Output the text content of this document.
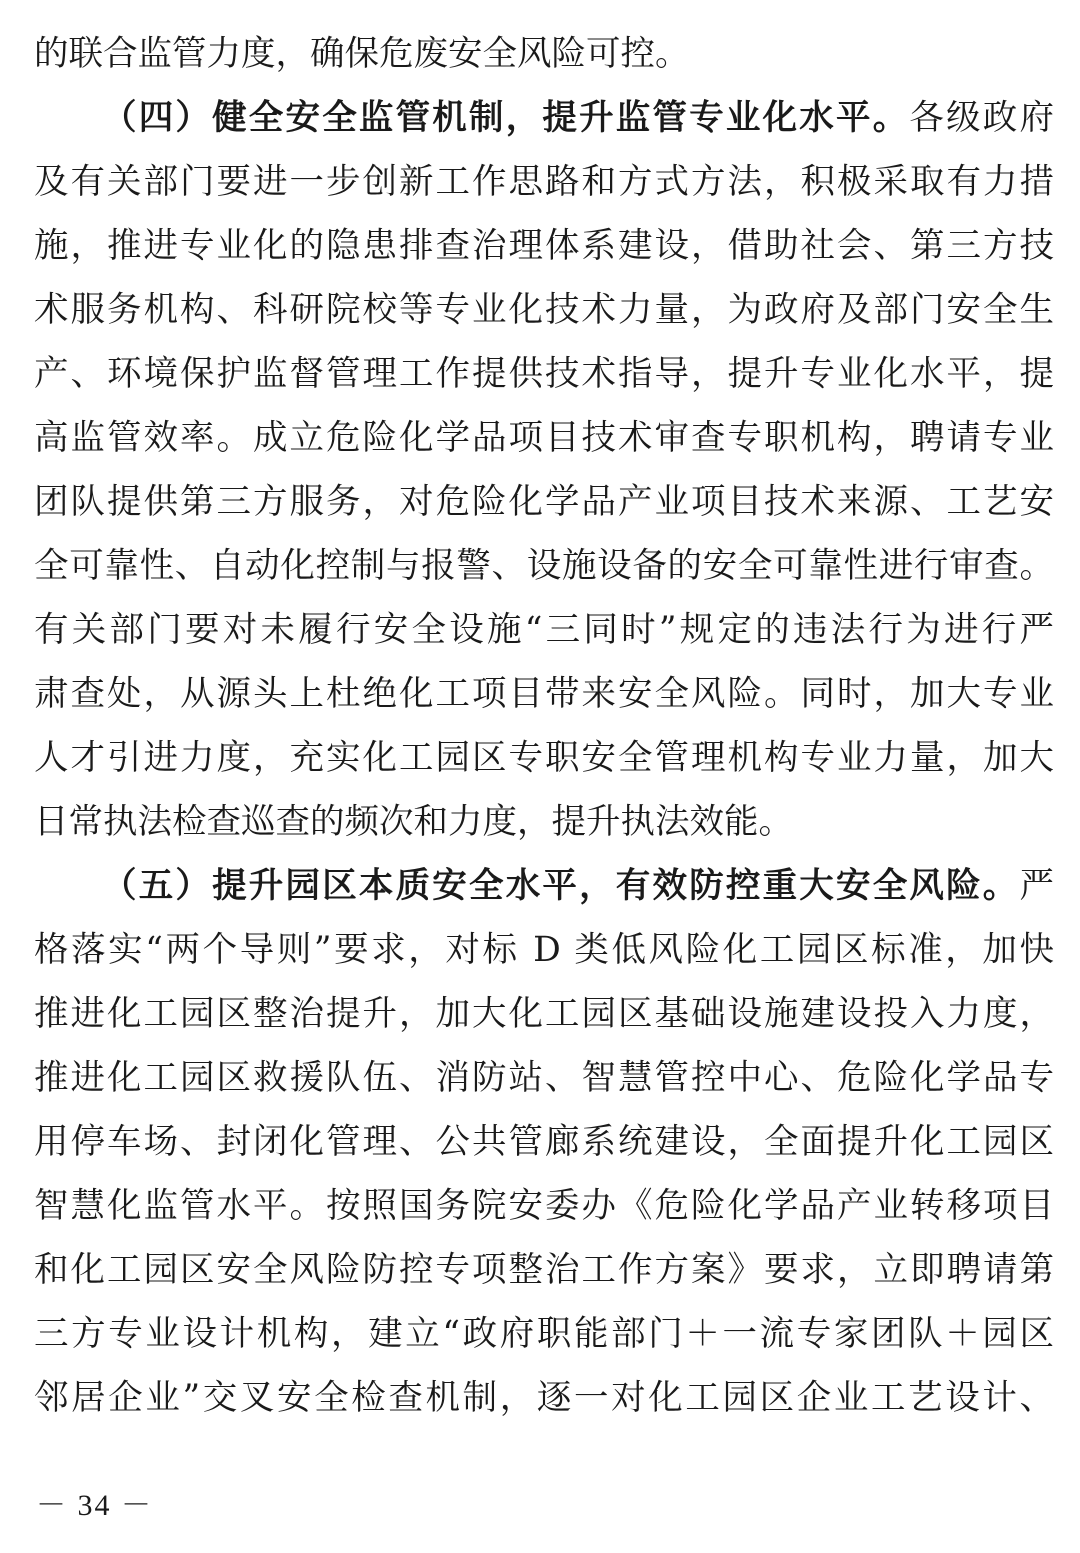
的联合监管力度，确保危废安全风险可控。
（四）健全安全监管机制，提升监管专业化水平。各级政府
及有关部门要进一步创新工作思路和方式方法，积极采取有力措
施，推进专业化的隐患排查治理体系建设，借助社会、第三方技
术服务机构、科研院校等专业化技术力量，为政府及部门安全生
产、环境保护监督管理工作提供技术指导，提升专业化水平，提
高监管效率。成立危险化学品项目技术审查专职机构，聘请专业
团队提供第三方服务，对危险化学品产业项目技术来源、工艺安
全可靠性、自动化控制与报警、设施设备的安全可靠性进行审查。
有关部门要对未履行安全设施“三同时”规定的违法行为进行严
肃查处，从源头上杜绝化工项目带来安全风险。同时，加大专业
人才引进力度，充实化工园区专职安全管理机构专业力量，加大
日常执法检查巡查的频次和力度，提升执法效能。
（五）提升园区本质安全水平，有效防控重大安全风险。严
格落实“两个导则”要求，对标 D 类低风险化工园区标准，加快
推进化工园区整治提升，加大化工园区基础设施建设投入力度，
推进化工园区救援队伍、消防站、智慧管控中心、危险化学品专
用停车场、封闭化管理、公共管廊系统建设，全面提升化工园区
智慧化监管水平。按照国务院安委办《危险化学品产业转移项目
和化工园区安全风险防控专项整治工作方案》要求，立即聘请第
三方专业设计机构，建立“政府职能部门＋一流专家团队＋园区
邻居企业”交叉安全检查机制，逐一对化工园区企业工艺设计、
－ 34 －
